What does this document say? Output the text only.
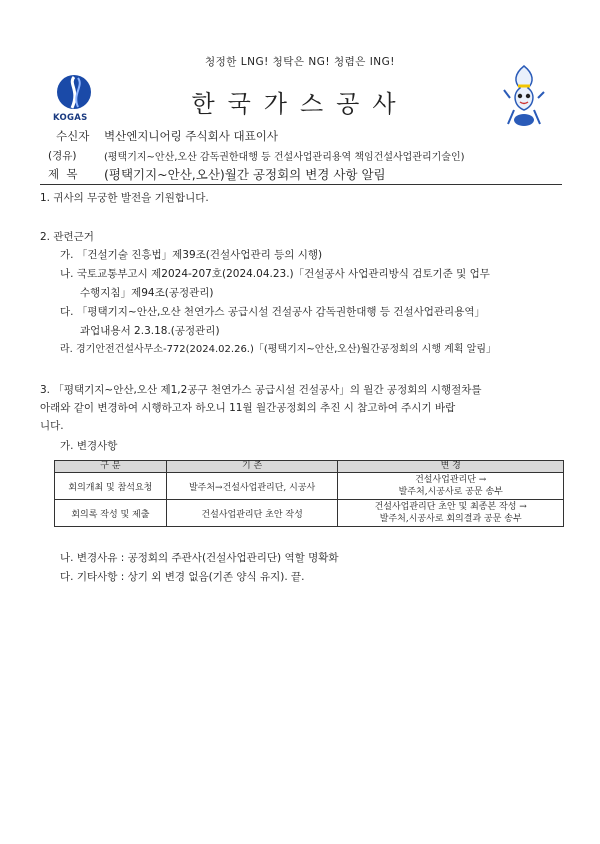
청정한 LNG! 청탁은 NG! 청렴은 ING!
KOGAS	한국가스공사
수신자 벽산엔지니어링 주식회사 대표이사
(경유)	(평택기지~안산,오산 감독권한대행 등 건설사업관리용역 책임건설사업관리기술인)
제  목 (평택기지~안산,오산)월간 공정회의 변경 사항 알림
1. 귀사의 무궁한 발전을 기원합니다.
2. 관련근거
가. 「건설기술 진흥법」제39조(건설사업관리 등의 시행)
나. 국토교통부고시 제2024-207호(2024.04.23.)「건설공사 사업관리방식 검토기준 및 업무
수행지침」제94조(공정관리)
다. 「평택기지~안산,오산 천연가스 공급시설 건설공사 감독권한대행 등 건설사업관리용역」
과업내용서 2.3.18.(공정관리)
라. 경기안전건설사무소-772(2024.02.26.)「(평택기지~안산,오산)월간공정회의 시행 계획 알림」
3. 「평택기지~안산,오산 제1,2공구 천연가스 공급시설 건설공사」의 월간 공정회의 시행절차를
아래와 같이 변경하여 시행하고자 하오니 11월 월간공정회의 추진 시 참고하여 주시기 바랍
니다.
가. 변경사항
구 분	기 존	변 경
회의개최 및 참석요청	발주처→건설사업관리단, 시공사	건설사업관리단 →
발주처,시공사로 공문 송부

회의록 작성 및 제출	건설사업관리단 초안 작성	건설사업관리단 초안 및 최종본 작성 →
발주처,시공사로 회의결과 공문 송부
나. 변경사유 : 공정회의 주관사(건설사업관리단) 역할 명확화
다. 기타사항 : 상기 외 변경 없음(기존 양식 유지). 끝.
